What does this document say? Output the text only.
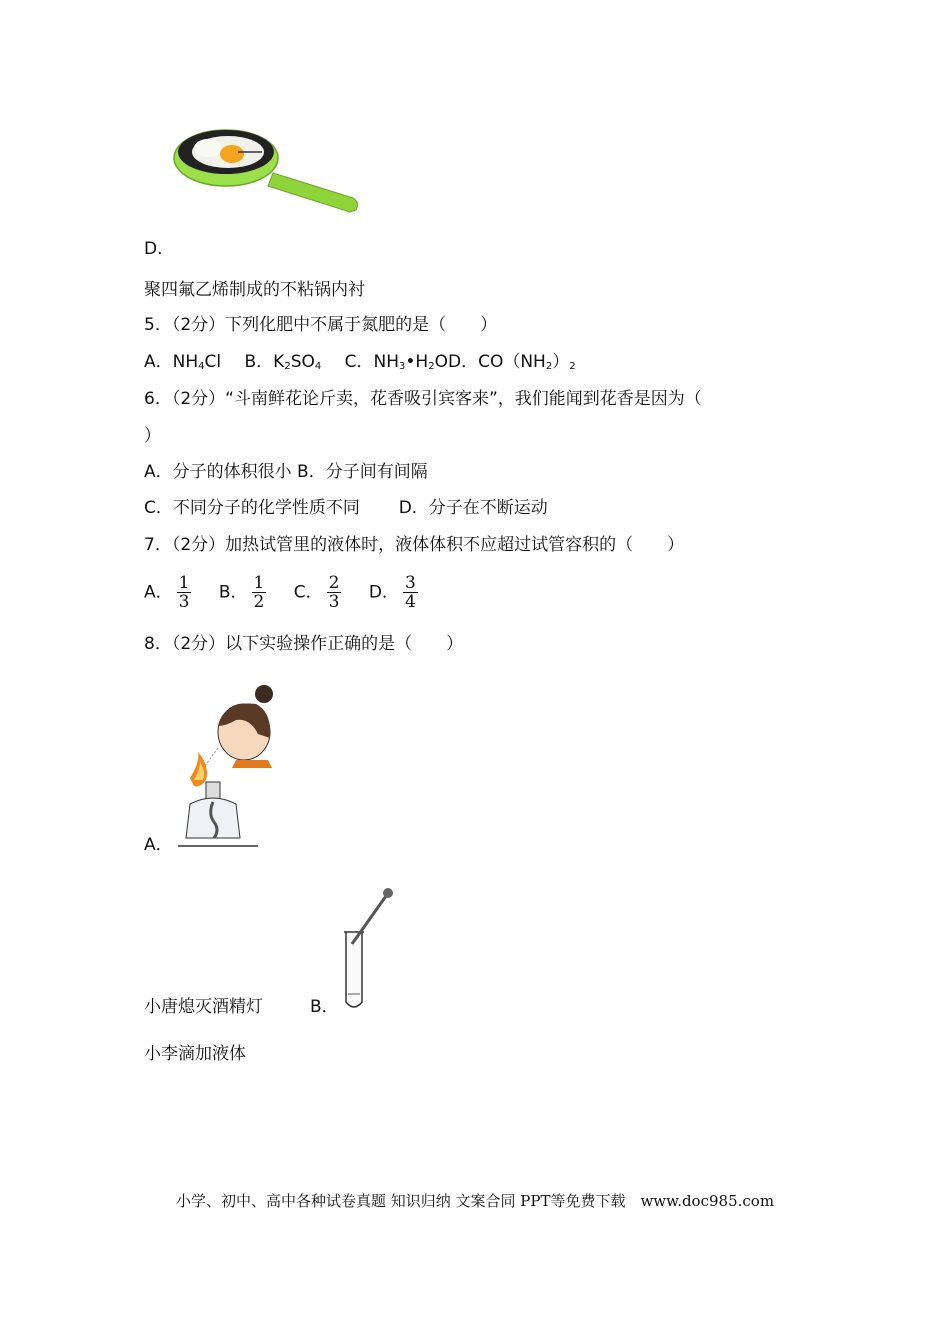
D.
聚四氟乙烯制成的不粘锅内衬
5．（2分）下列化肥中不属于氮肥的是（　　）
A．$NH_4Cl$ B．$K_2SO_4$ C．$NH_3•H_2OD$．$CO(NH_2)_2$
6．（2分）“斗南鲜花论斤卖，花香吸引宾客来”，我们能闻到花香是因为（
）
A．分子的体积很小 B．分子间有间隔
C．不同分子的化学性质不同 D．分子在不断运动
7．（2分）加热试管里的液体时，液体体积不应超过试管容积的（　　）
A． $\frac{1}{3}$ B． $\frac{1}{2}$ C． $\frac{2}{3}$ D． $\frac{3}{4}$
8．（2分）以下实验操作正确的是（　　）
A．
小唐熄灭酒精灯	B．
小李滴加液体
小学、初中、高中各种试卷真题 知识归纳 文案合同 PPT等免费下载　www.doc985.com
